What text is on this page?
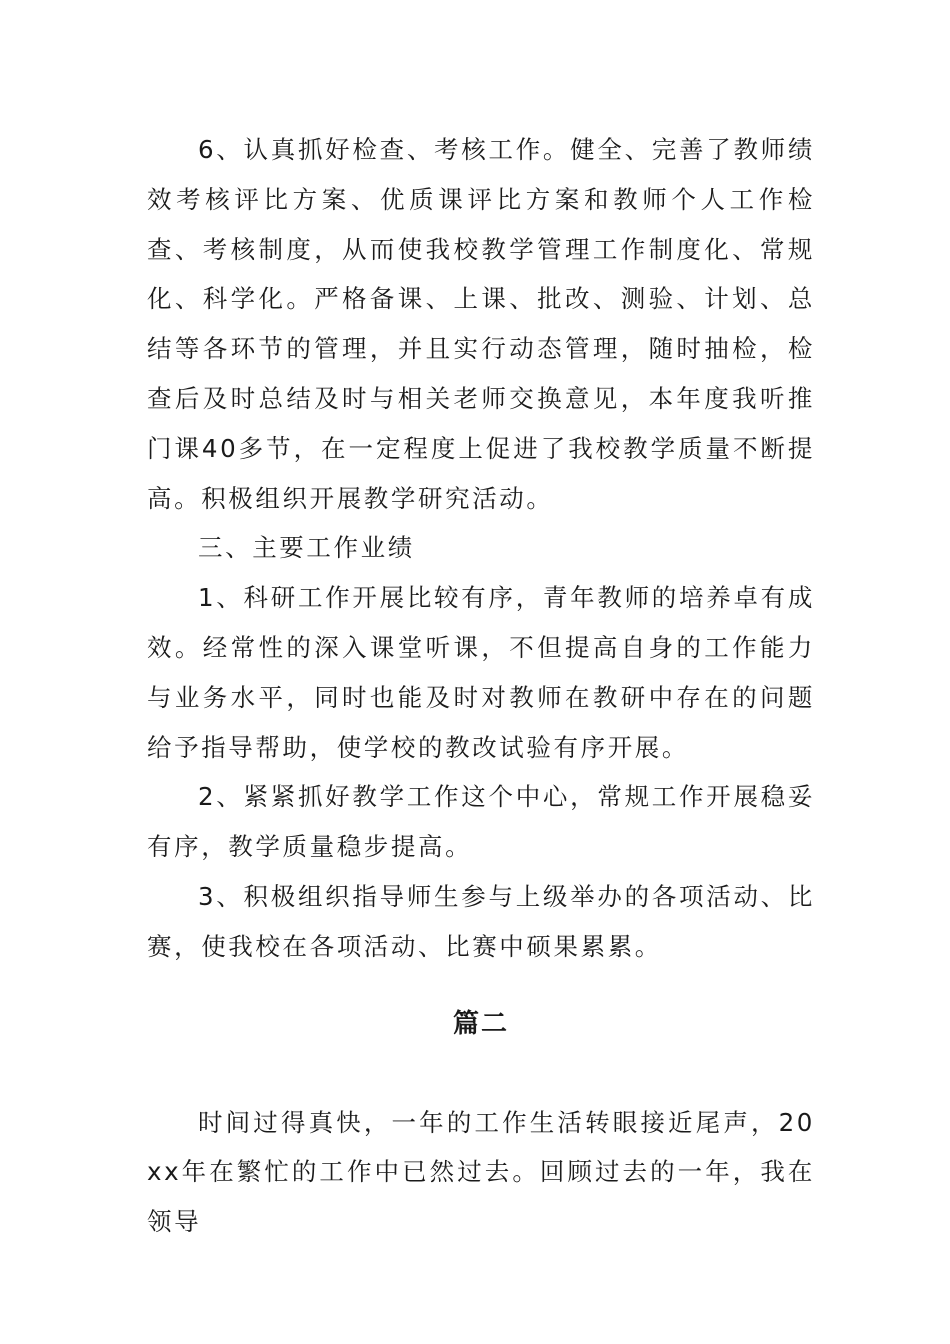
6、认真抓好检查、考核工作。健全、完善了教师绩效考核评比方案、优质课评比方案和教师个人工作检查、考核制度，从而使我校教学管理工作制度化、常规化、科学化。严格备课、上课、批改、测验、计划、总结等各环节的管理，并且实行动态管理，随时抽检，检查后及时总结及时与相关老师交换意见，本年度我听推门课40多节，在一定程度上促进了我校教学质量不断提高。积极组织开展教学研究活动。

三、主要工作业绩

1、科研工作开展比较有序，青年教师的培养卓有成效。经常性的深入课堂听课，不但提高自身的工作能力与业务水平，同时也能及时对教师在教研中存在的问题给予指导帮助，使学校的教改试验有序开展。

2、紧紧抓好教学工作这个中心，常规工作开展稳妥有序，教学质量稳步提高。

3、积极组织指导师生参与上级举办的各项活动、比赛，使我校在各项活动、比赛中硕果累累。

篇二

时间过得真快，一年的工作生活转眼接近尾声，20xx年在繁忙的工作中已然过去。回顾过去的一年，我在领导
